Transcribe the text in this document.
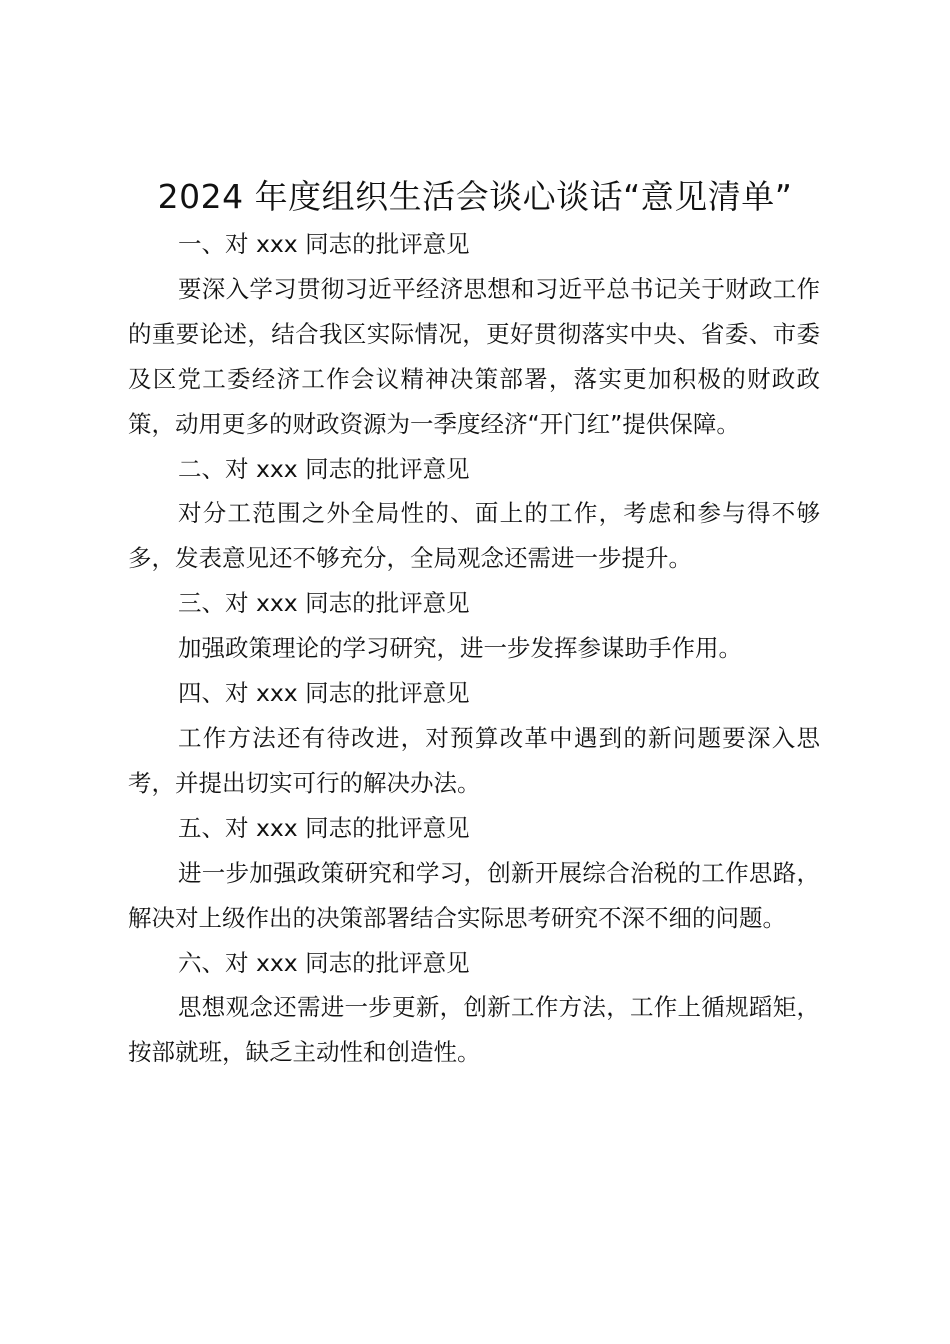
2024 年度组织生活会谈心谈话“意见清单”

一、对 xxx 同志的批评意见

要深入学习贯彻习近平经济思想和习近平总书记关于财政工作的重要论述，结合我区实际情况，更好贯彻落实中央、省委、市委及区党工委经济工作会议精神决策部署，落实更加积极的财政政策，动用更多的财政资源为一季度经济“开门红”提供保障。

二、对 xxx 同志的批评意见

对分工范围之外全局性的、面上的工作，考虑和参与得不够多，发表意见还不够充分，全局观念还需进一步提升。

三、对 xxx 同志的批评意见

加强政策理论的学习研究，进一步发挥参谋助手作用。

四、对 xxx 同志的批评意见

工作方法还有待改进，对预算改革中遇到的新问题要深入思考，并提出切实可行的解决办法。

五、对 xxx 同志的批评意见

进一步加强政策研究和学习，创新开展综合治税的工作思路，解决对上级作出的决策部署结合实际思考研究不深不细的问题。

六、对 xxx 同志的批评意见

思想观念还需进一步更新，创新工作方法，工作上循规蹈矩，按部就班，缺乏主动性和创造性。
